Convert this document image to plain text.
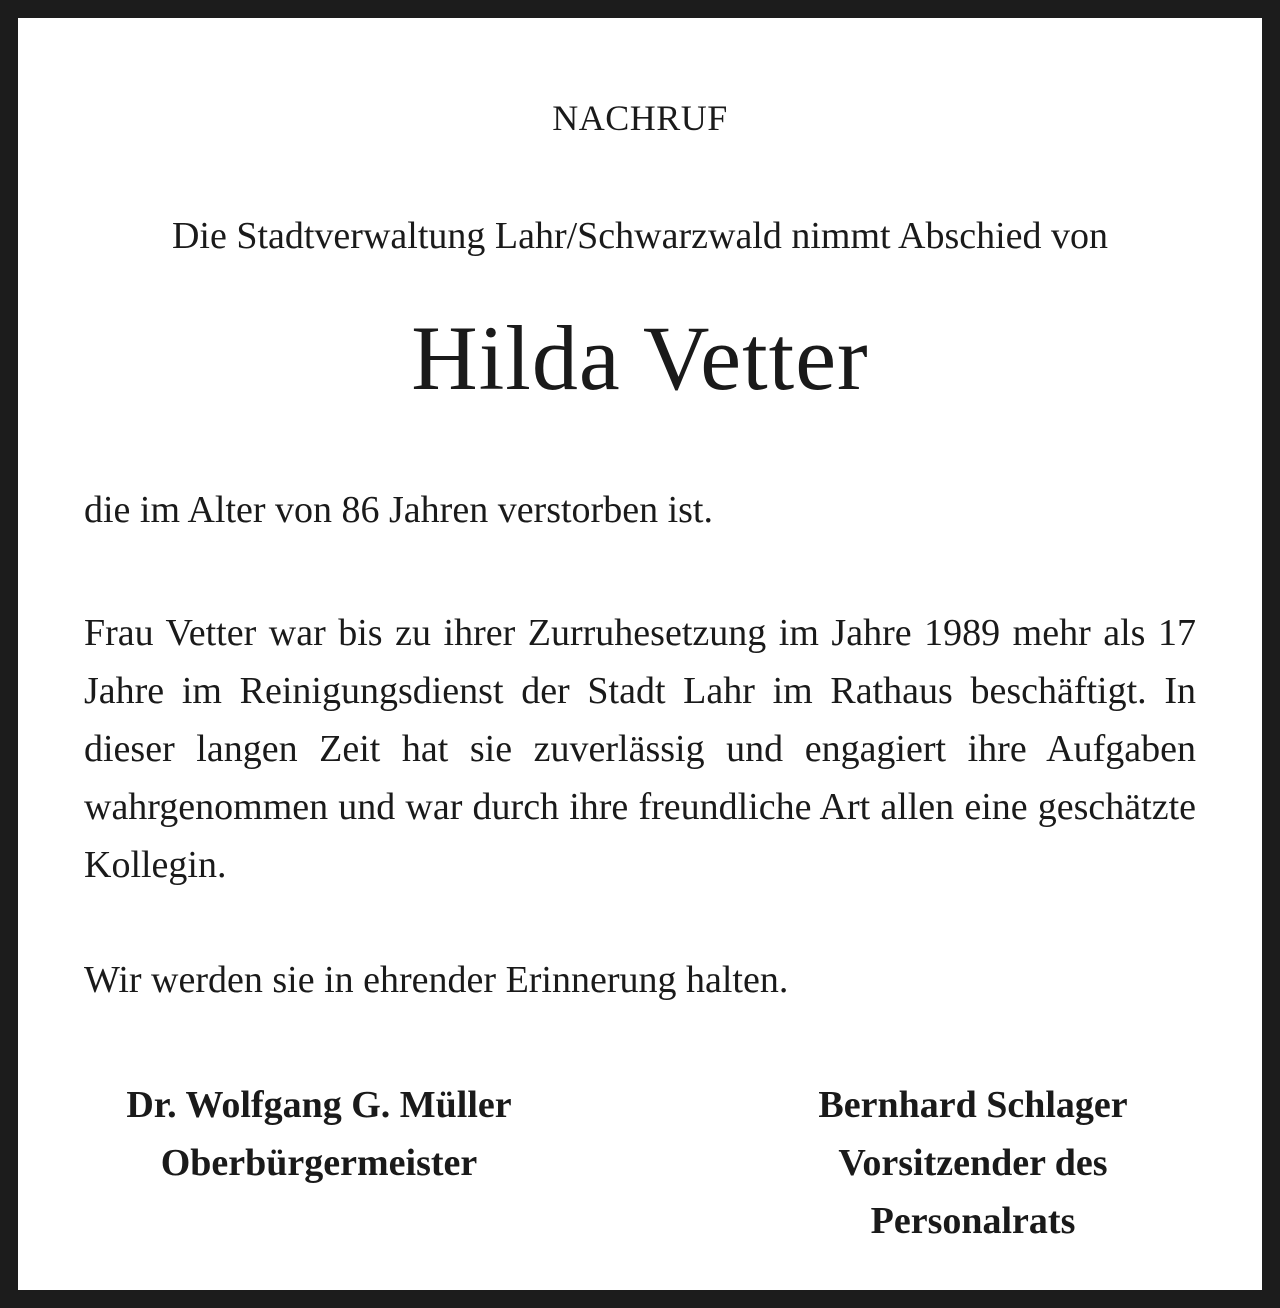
NACHRUF
Die Stadtverwaltung Lahr/Schwarzwald nimmt Abschied von
Hilda Vetter
die im Alter von 86 Jahren verstorben ist.
Frau Vetter war bis zu ihrer Zurruhesetzung im Jahre 1989 mehr als 17 Jahre im Reinigungsdienst der Stadt Lahr im Rathaus beschäftigt. In dieser langen Zeit hat sie zuverlässig und engagiert ihre Aufgaben wahrgenommen und war durch ihre freundliche Art allen eine geschätzte Kollegin.
Wir werden sie in ehrender Erinnerung halten.
Dr. Wolfgang G. Müller
Oberbürgermeister
Bernhard Schlager
Vorsitzender des
Personalrats
